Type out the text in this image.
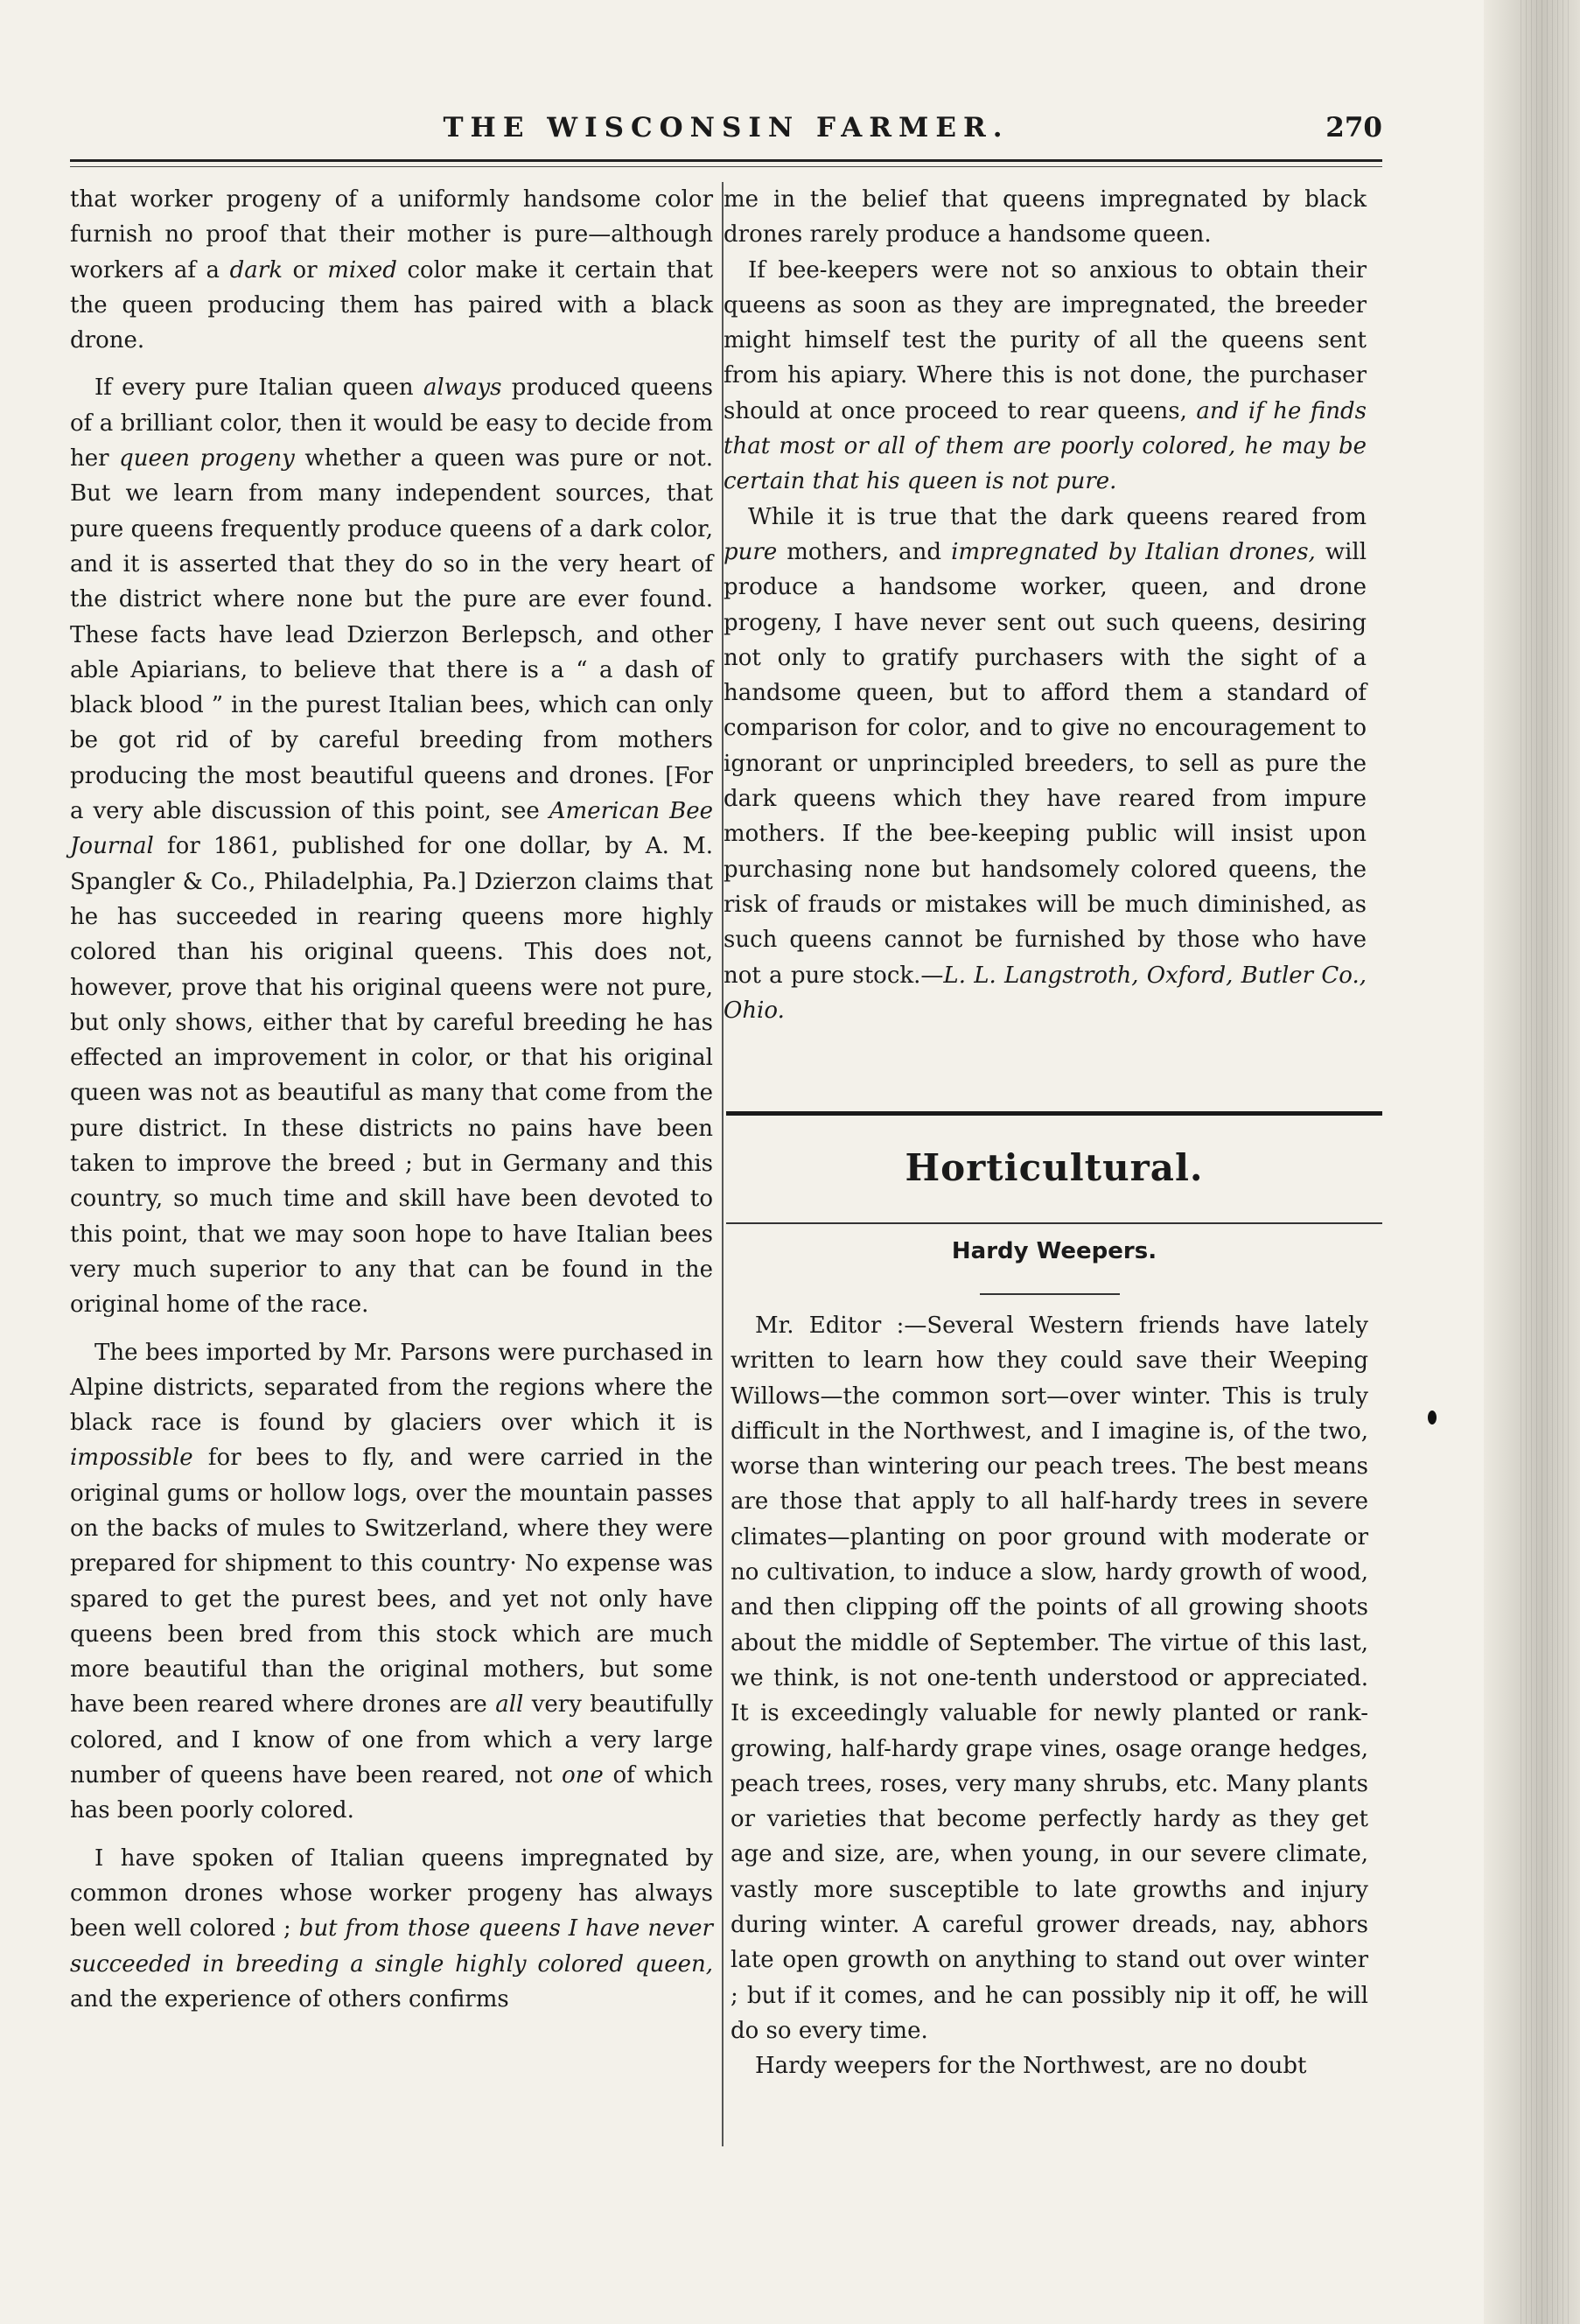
THE WISCONSIN FARMER.	270

that worker progeny of a uniformly handsome color furnish no proof that their mother is pure—although workers af a dark or mixed color make it certain that the queen producing them has paired with a black drone.

If every pure Italian queen always produced queens of a brilliant color, then it would be easy to decide from her queen progeny whether a queen was pure or not. But we learn from many independent sources, that pure queens frequently produce queens of a dark color, and it is asserted that they do so in the very heart of the district where none but the pure are ever found. These facts have lead Dzierzon Berlepsch, and other able Apiarians, to believe that there is a “ a dash of black blood ” in the purest Italian bees, which can only be got rid of by careful breeding from mothers producing the most beautiful queens and drones. [For a very able discussion of this point, see American Bee Journal for 1861, published for one dollar, by A. M. Spangler & Co., Philadelphia, Pa.] Dzierzon claims that he has succeeded in rearing queens more highly colored than his original queens. This does not, however, prove that his original queens were not pure, but only shows, either that by careful breeding he has effected an improvement in color, or that his original queen was not as beautiful as many that come from the pure district. In these districts no pains have been taken to improve the breed ; but in Germany and this country, so much time and skill have been devoted to this point, that we may soon hope to have Italian bees very much superior to any that can be found in the original home of the race.

The bees imported by Mr. Parsons were purchased in Alpine districts, separated from the regions where the black race is found by glaciers over which it is impossible for bees to fly, and were carried in the original gums or hollow logs, over the mountain passes on the backs of mules to Switzerland, where they were prepared for shipment to this country· No expense was spared to get the purest bees, and yet not only have queens been bred from this stock which are much more beautiful than the original mothers, but some have been reared where drones are all very beautifully colored, and I know of one from which a very large number of queens have been reared, not one of which has been poorly colored.

I have spoken of Italian queens impregnated by common drones whose worker progeny has always been well colored ; but from those queens I have never succeeded in breeding a single highly colored queen, and the experience of others confirms

me in the belief that queens impregnated by black drones rarely produce a handsome queen.

If bee-keepers were not so anxious to obtain their queens as soon as they are impregnated, the breeder might himself test the purity of all the queens sent from his apiary. Where this is not done, the purchaser should at once proceed to rear queens, and if he finds that most or all of them are poorly colored, he may be certain that his queen is not pure.

While it is true that the dark queens reared from pure mothers, and impregnated by Italian drones, will produce a handsome worker, queen, and drone progeny, I have never sent out such queens, desiring not only to gratify purchasers with the sight of a handsome queen, but to afford them a standard of comparison for color, and to give no encouragement to ignorant or unprincipled breeders, to sell as pure the dark queens which they have reared from impure mothers. If the bee-keeping public will insist upon purchasing none but handsomely colored queens, the risk of frauds or mistakes will be much diminished, as such queens cannot be furnished by those who have not a pure stock.—L. L. Langstroth, Oxford, Butler Co., Ohio.

Horticultural.
Hardy Weepers.

Mr. Editor :—Several Western friends have lately written to learn how they could save their Weeping Willows—the common sort—over winter. This is truly difficult in the Northwest, and I imagine is, of the two, worse than wintering our peach trees. The best means are those that apply to all half-hardy trees in severe climates—planting on poor ground with moderate or no cultivation, to induce a slow, hardy growth of wood, and then clipping off the points of all growing shoots about the middle of September. The virtue of this last, we think, is not one-tenth understood or appreciated. It is exceedingly valuable for newly planted or rank-growing, half-hardy grape vines, osage orange hedges, peach trees, roses, very many shrubs, etc. Many plants or varieties that become perfectly hardy as they get age and size, are, when young, in our severe climate, vastly more susceptible to late growths and injury during winter. A careful grower dreads, nay, abhors late open growth on anything to stand out over winter ; but if it comes, and he can possibly nip it off, he will do so every time.

Hardy weepers for the Northwest, are no doubt
